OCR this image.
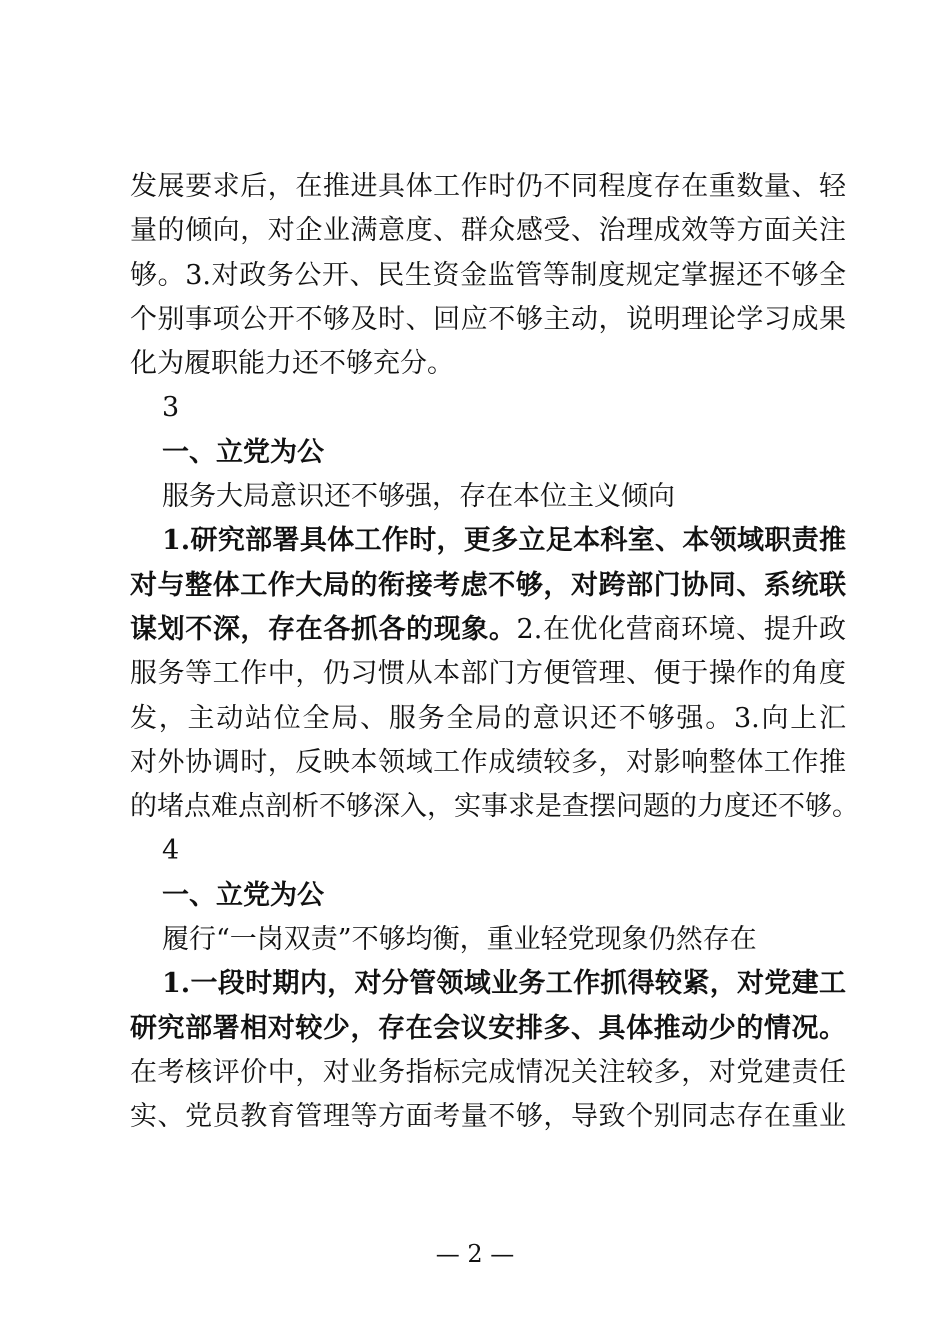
发展要求后，在推进具体工作时仍不同程度存在重数量、轻
量的倾向，对企业满意度、群众感受、治理成效等方面关注
够。3.对政务公开、民生资金监管等制度规定掌握还不够全
个别事项公开不够及时、回应不够主动，说明理论学习成果
化为履职能力还不够充分。
3
一、立党为公
服务大局意识还不够强，存在本位主义倾向
1.研究部署具体工作时，更多立足本科室、本领域职责推
对与整体工作大局的衔接考虑不够，对跨部门协同、系统联
谋划不深，存在各抓各的现象。2.在优化营商环境、提升政
服务等工作中，仍习惯从本部门方便管理、便于操作的角度
发，主动站位全局、服务全局的意识还不够强。3.向上汇
对外协调时，反映本领域工作成绩较多，对影响整体工作推
的堵点难点剖析不够深入，实事求是查摆问题的力度还不够。
4
一、立党为公
履行“一岗双责”不够均衡，重业轻党现象仍然存在
1.一段时期内，对分管领域业务工作抓得较紧，对党建工
研究部署相对较少，存在会议安排多、具体推动少的情况。
在考核评价中，对业务指标完成情况关注较多，对党建责任
实、党员教育管理等方面考量不够，导致个别同志存在重业
— 2 —
